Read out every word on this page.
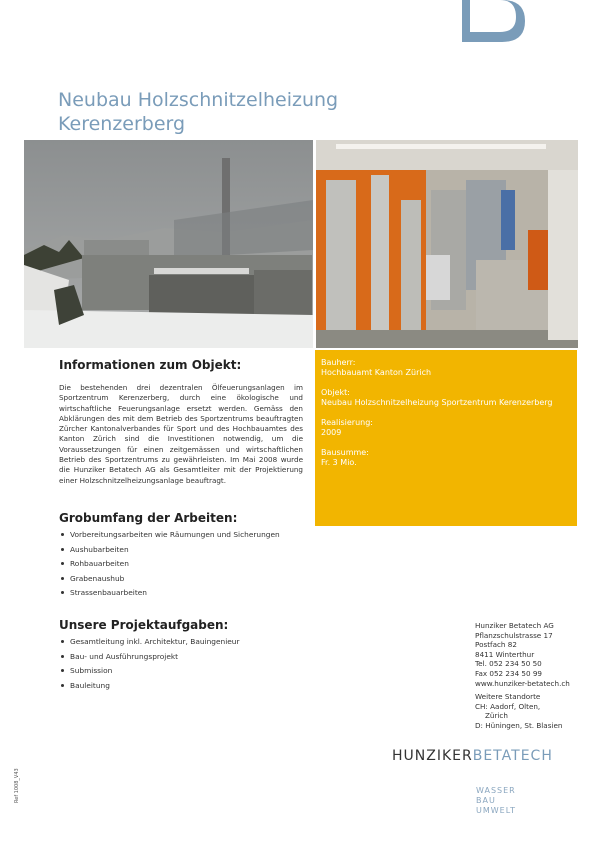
Neubau Holzschnitzelheizung
Kerenzerberg
Bauherr:
Hochbauamt Kanton Zürich
Objekt:
Neubau Holzschnitzelheizung Sportzentrum Kerenzerberg
Realisierung:
2009
Bausumme:
Fr. 3 Mio.
Informationen zum Objekt:

Die bestehenden drei dezentralen Ölfeuerungsanlagen im Sportzentrum Kerenzerberg, durch eine ökologische und wirtschaftliche Feuerungsanlage ersetzt werden. Gemäss den Abklärungen des mit dem Betrieb des Sportzentrums beauftragten Zürcher Kantonalverbandes für Sport und des Hochbauamtes des Kanton Zürich sind die Investitionen notwendig, um die Voraussetzungen für einen zeitgemässen und wirtschaftlichen Betrieb des Sportzentrums zu gewährleisten. Im Mai 2008 wurde die Hunziker Betatech AG als Gesamtleiter mit der Projektierung einer Holzschnitzelheizungsanlage beauftragt.

Grobumfang der Arbeiten:
Vorbereitungsarbeiten wie Räumungen und Sicherungen
Aushubarbeiten
Rohbauarbeiten
Grabenaushub
Strassenbauarbeiten
Unsere Projektaufgaben:
Gesamtleitung inkl. Architektur, Bauingenieur
Bau- und Ausführungsprojekt
Submission
Bauleitung
Hunziker Betatech AG
Pflanzschulstrasse 17
Postfach 82
8411 Winterthur
Tel. 052 234 50 50
Fax 052 234 50 99
www.hunziker-betatech.ch
Weitere Standorte
CH: Aadorf, Olten,
Zürich
D: Hüningen, St. Blasien
HUNZIKERBETATECH
WASSER
BAU
UMWELT
Ref 1008_V43
